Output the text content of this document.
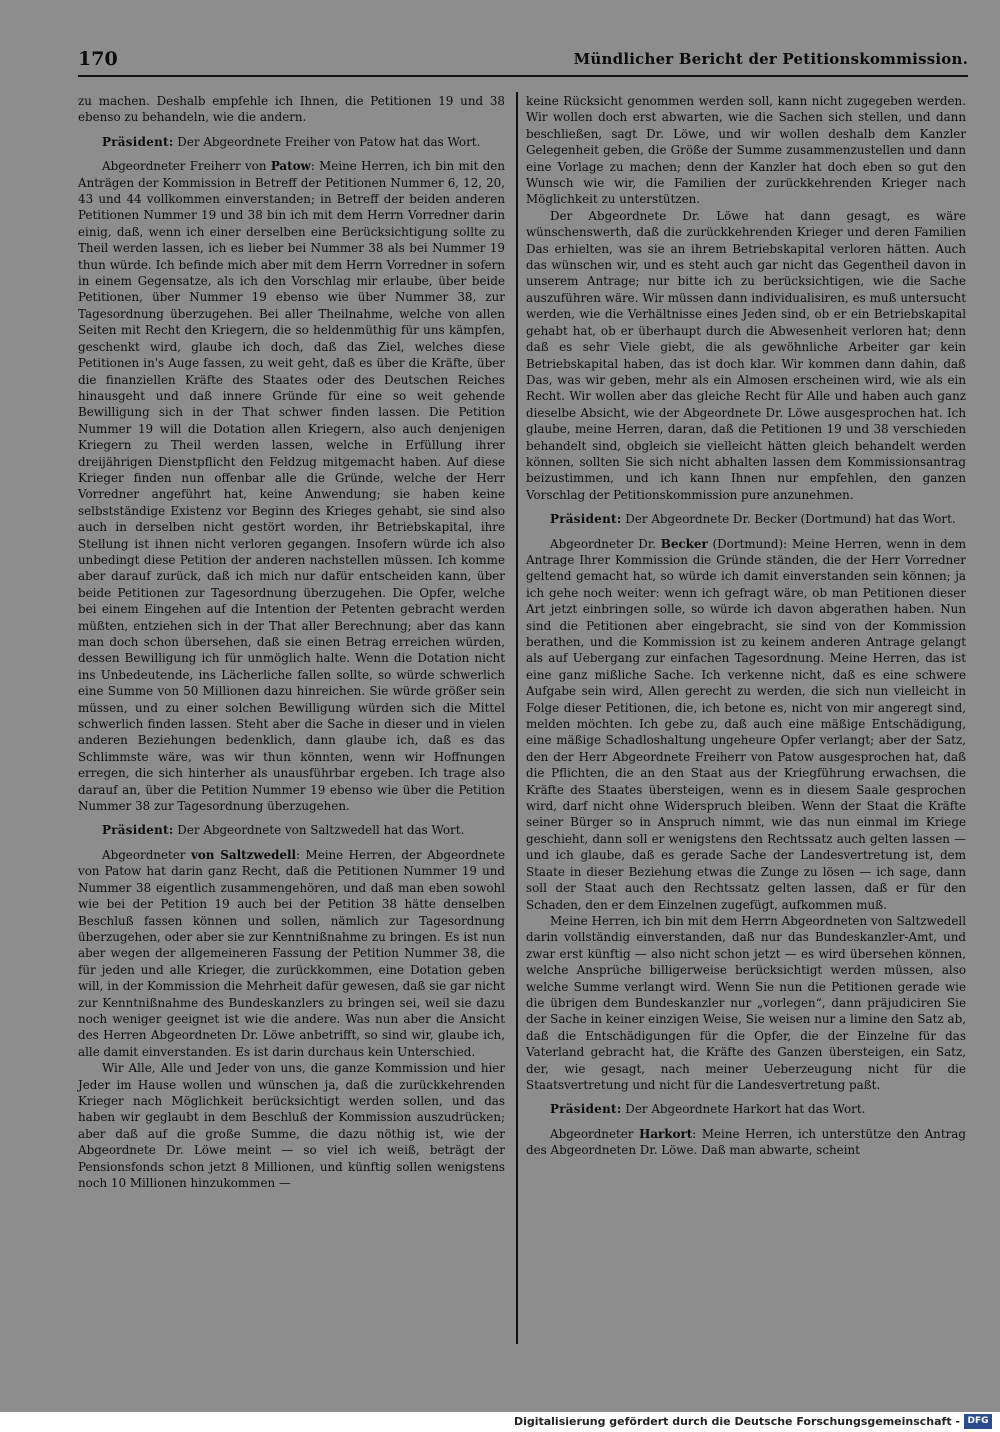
170	Mündlicher Bericht der Petitionskommission.

zu machen. Deshalb empfehle ich Ihnen, die Petitionen 19 und 38 ebenso zu behandeln, wie die andern.

Präsident: Der Abgeordnete Freiher von Patow hat das Wort.

Abgeordneter Freiherr von Patow: Meine Herren, ich bin mit den Anträgen der Kommission in Betreff der Petitionen Nummer 6, 12, 20, 43 und 44 vollkommen einverstanden; in Betreff der beiden anderen Petitionen Nummer 19 und 38 bin ich mit dem Herrn Vorredner darin einig, daß, wenn ich einer derselben eine Berücksichtigung sollte zu Theil werden lassen, ich es lieber bei Nummer 38 als bei Nummer 19 thun würde. Ich befinde mich aber mit dem Herrn Vorredner in sofern in einem Gegensatze, als ich den Vorschlag mir erlaube, über beide Petitionen, über Nummer 19 ebenso wie über Nummer 38, zur Tagesordnung überzugehen. Bei aller Theilnahme, welche von allen Seiten mit Recht den Kriegern, die so heldenmüthig für uns kämpfen, geschenkt wird, glaube ich doch, daß das Ziel, welches diese Petitionen in's Auge fassen, zu weit geht, daß es über die Kräfte, über die finanziellen Kräfte des Staates oder des Deutschen Reiches hinausgeht und daß innere Gründe für eine so weit gehende Bewilligung sich in der That schwer finden lassen. Die Petition Nummer 19 will die Dotation allen Kriegern, also auch denjenigen Kriegern zu Theil werden lassen, welche in Erfüllung ihrer dreijährigen Dienstpflicht den Feldzug mitgemacht haben. Auf diese Krieger finden nun offenbar alle die Gründe, welche der Herr Vorredner angeführt hat, keine Anwendung; sie haben keine selbstständige Existenz vor Beginn des Krieges gehabt, sie sind also auch in derselben nicht gestört worden, ihr Betriebskapital, ihre Stellung ist ihnen nicht verloren gegangen. Insofern würde ich also unbedingt diese Petition der anderen nachstellen müssen. Ich komme aber darauf zurück, daß ich mich nur dafür entscheiden kann, über beide Petitionen zur Tagesordnung überzugehen. Die Opfer, welche bei einem Eingehen auf die Intention der Petenten gebracht werden müßten, entziehen sich in der That aller Berechnung; aber das kann man doch schon übersehen, daß sie einen Betrag erreichen würden, dessen Bewilligung ich für unmöglich halte. Wenn die Dotation nicht ins Unbedeutende, ins Lächerliche fallen sollte, so würde schwerlich eine Summe von 50 Millionen dazu hinreichen. Sie würde größer sein müssen, und zu einer solchen Bewilligung würden sich die Mittel schwerlich finden lassen. Steht aber die Sache in dieser und in vielen anderen Beziehungen bedenklich, dann glaube ich, daß es das Schlimmste wäre, was wir thun könnten, wenn wir Hoffnungen erregen, die sich hinterher als unausführbar ergeben. Ich trage also darauf an, über die Petition Nummer 19 ebenso wie über die Petition Nummer 38 zur Tagesordnung überzugehen.

Präsident: Der Abgeordnete von Saltzwedell hat das Wort.

Abgeordneter von Saltzwedell: Meine Herren, der Abgeordnete von Patow hat darin ganz Recht, daß die Petitionen Nummer 19 und Nummer 38 eigentlich zusammengehören, und daß man eben sowohl wie bei der Petition 19 auch bei der Petition 38 hätte denselben Beschluß fassen können und sollen, nämlich zur Tagesordnung überzugehen, oder aber sie zur Kenntnißnahme zu bringen. Es ist nun aber wegen der allgemeineren Fassung der Petition Nummer 38, die für jeden und alle Krieger, die zurückkommen, eine Dotation geben will, in der Kommission die Mehrheit dafür gewesen, daß sie gar nicht zur Kenntnißnahme des Bundeskanzlers zu bringen sei, weil sie dazu noch weniger geeignet ist wie die andere. Was nun aber die Ansicht des Herren Abgeordneten Dr. Löwe anbetrifft, so sind wir, glaube ich, alle damit einverstanden. Es ist darin durchaus kein Unterschied.

Wir Alle, Alle und Jeder von uns, die ganze Kommission und hier Jeder im Hause wollen und wünschen ja, daß die zurückkehrenden Krieger nach Möglichkeit berücksichtigt werden sollen, und das haben wir geglaubt in dem Beschluß der Kommission auszudrücken; aber daß auf die große Summe, die dazu nöthig ist, wie der Abgeordnete Dr. Löwe meint — so viel ich weiß, beträgt der Pensionsfonds schon jetzt 8 Millionen, und künftig sollen wenigstens noch 10 Millionen hinzukommen —

keine Rücksicht genommen werden soll, kann nicht zugegeben werden. Wir wollen doch erst abwarten, wie die Sachen sich stellen, und dann beschließen, sagt Dr. Löwe, und wir wollen deshalb dem Kanzler Gelegenheit geben, die Größe der Summe zusammenzustellen und dann eine Vorlage zu machen; denn der Kanzler hat doch eben so gut den Wunsch wie wir, die Familien der zurückkehrenden Krieger nach Möglichkeit zu unterstützen.

Der Abgeordnete Dr. Löwe hat dann gesagt, es wäre wünschenswerth, daß die zurückkehrenden Krieger und deren Familien Das erhielten, was sie an ihrem Betriebskapital verloren hätten. Auch das wünschen wir, und es steht auch gar nicht das Gegentheil davon in unserem Antrage; nur bitte ich zu berücksichtigen, wie die Sache auszuführen wäre. Wir müssen dann individualisiren, es muß untersucht werden, wie die Verhältnisse eines Jeden sind, ob er ein Betriebskapital gehabt hat, ob er überhaupt durch die Abwesenheit verloren hat; denn daß es sehr Viele giebt, die als gewöhnliche Arbeiter gar kein Betriebskapital haben, das ist doch klar. Wir kommen dann dahin, daß Das, was wir geben, mehr als ein Almosen erscheinen wird, wie als ein Recht. Wir wollen aber das gleiche Recht für Alle und haben auch ganz dieselbe Absicht, wie der Abgeordnete Dr. Löwe ausgesprochen hat. Ich glaube, meine Herren, daran, daß die Petitionen 19 und 38 verschieden behandelt sind, obgleich sie vielleicht hätten gleich behandelt werden können, sollten Sie sich nicht abhalten lassen dem Kommissionsantrag beizustimmen, und ich kann Ihnen nur empfehlen, den ganzen Vorschlag der Petitionskommission pure anzunehmen.

Präsident: Der Abgeordnete Dr. Becker (Dortmund) hat das Wort.

Abgeordneter Dr. Becker (Dortmund): Meine Herren, wenn in dem Antrage Ihrer Kommission die Gründe ständen, die der Herr Vorredner geltend gemacht hat, so würde ich damit einverstanden sein können; ja ich gehe noch weiter: wenn ich gefragt wäre, ob man Petitionen dieser Art jetzt einbringen solle, so würde ich davon abgerathen haben. Nun sind die Petitionen aber eingebracht, sie sind von der Kommission berathen, und die Kommission ist zu keinem anderen Antrage gelangt als auf Uebergang zur einfachen Tagesordnung. Meine Herren, das ist eine ganz mißliche Sache. Ich verkenne nicht, daß es eine schwere Aufgabe sein wird, Allen gerecht zu werden, die sich nun vielleicht in Folge dieser Petitionen, die, ich betone es, nicht von mir angeregt sind, melden möchten. Ich gebe zu, daß auch eine mäßige Entschädigung, eine mäßige Schadloshaltung ungeheure Opfer verlangt; aber der Satz, den der Herr Abgeordnete Freiherr von Patow ausgesprochen hat, daß die Pflichten, die an den Staat aus der Kriegführung erwachsen, die Kräfte des Staates übersteigen, wenn es in diesem Saale gesprochen wird, darf nicht ohne Widerspruch bleiben. Wenn der Staat die Kräfte seiner Bürger so in Anspruch nimmt, wie das nun einmal im Kriege geschieht, dann soll er wenigstens den Rechtssatz auch gelten lassen — und ich glaube, daß es gerade Sache der Landesvertretung ist, dem Staate in dieser Beziehung etwas die Zunge zu lösen — ich sage, dann soll der Staat auch den Rechtssatz gelten lassen, daß er für den Schaden, den er dem Einzelnen zugefügt, aufkommen muß.

Meine Herren, ich bin mit dem Herrn Abgeordneten von Saltzwedell darin vollständig einverstanden, daß nur das Bundeskanzler-Amt, und zwar erst künftig — also nicht schon jetzt — es wird übersehen können, welche Ansprüche billigerweise berücksichtigt werden müssen, also welche Summe verlangt wird. Wenn Sie nun die Petitionen gerade wie die übrigen dem Bundeskanzler nur „vorlegen“, dann präjudiciren Sie der Sache in keiner einzigen Weise, Sie weisen nur a limine den Satz ab, daß die Entschädigungen für die Opfer, die der Einzelne für das Vaterland gebracht hat, die Kräfte des Ganzen übersteigen, ein Satz, der, wie gesagt, nach meiner Ueberzeugung nicht für die Staatsvertretung und nicht für die Landesvertretung paßt.

Präsident: Der Abgeordnete Harkort hat das Wort.

Abgeordneter Harkort: Meine Herren, ich unterstütze den Antrag des Abgeordneten Dr. Löwe. Daß man abwarte, scheint

Digitalisierung gefördert durch die Deutsche Forschungsgemeinschaft - DFG
